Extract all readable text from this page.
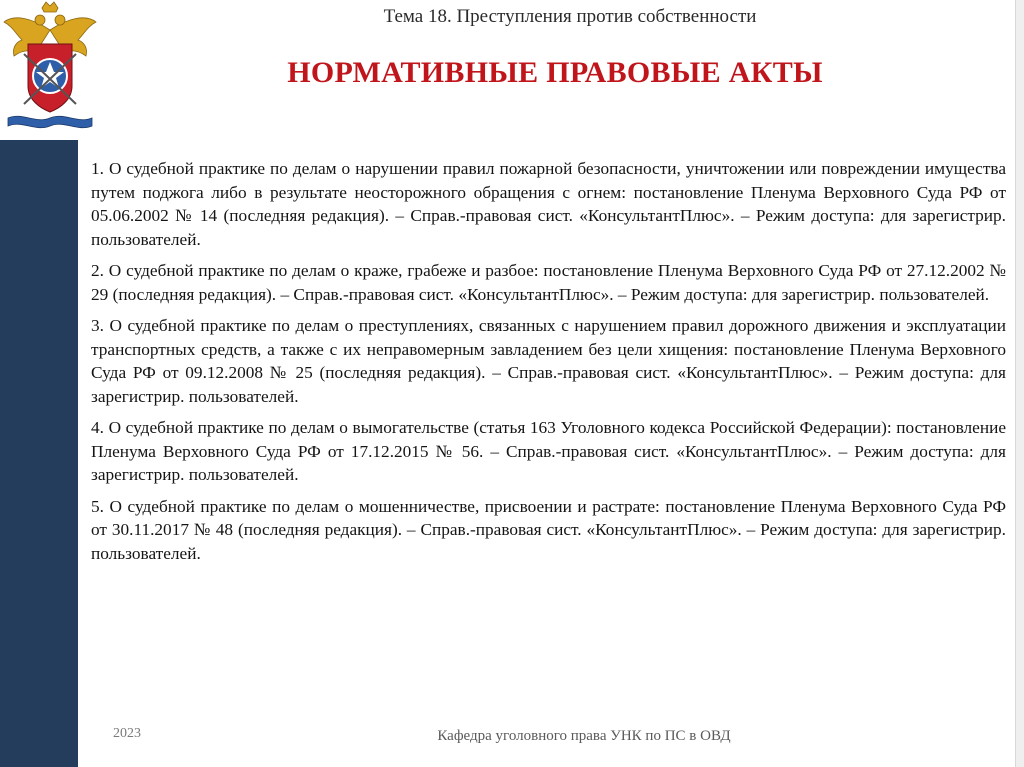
Тема 18. Преступления против собственности
НОРМАТИВНЫЕ ПРАВОВЫЕ АКТЫ

1. О судебной практике по делам о нарушении правил пожарной безопасности, уничтожении или повреждении имущества путем поджога либо в результате неосторожного обращения с огнем: постановление Пленума Верховного Суда РФ от 05.06.2002 № 14 (последняя редакция). – Справ.-правовая сист. «КонсультантПлюс». – Режим доступа: для зарегистрир. пользователей.

2. О судебной практике по делам о краже, грабеже и разбое: постановление Пленума Верховного Суда РФ от 27.12.2002 № 29 (последняя редакция). – Справ.-правовая сист. «КонсультантПлюс». – Режим доступа: для зарегистрир. пользователей.

3. О судебной практике по делам о преступлениях, связанных с нарушением правил дорожного движения и эксплуатации транспортных средств, а также с их неправомерным завладением без цели хищения: постановление Пленума Верховного Суда РФ от 09.12.2008 № 25 (последняя редакция). – Справ.-правовая сист. «КонсультантПлюс». – Режим доступа: для зарегистрир. пользователей.

4. О судебной практике по делам о вымогательстве (статья 163 Уголовного кодекса Российской Федерации): постановление Пленума Верховного Суда РФ от 17.12.2015 № 56. – Справ.-правовая сист. «КонсультантПлюс». – Режим доступа: для зарегистрир. пользователей.

5. О судебной практике по делам о мошенничестве, присвоении и растрате: постановление Пленума Верховного Суда РФ от 30.11.2017 № 48 (последняя редакция). – Справ.-правовая сист. «КонсультантПлюс». – Режим доступа: для зарегистрир. пользователей.

2023	Кафедра уголовного права УНК по ПС в ОВД
